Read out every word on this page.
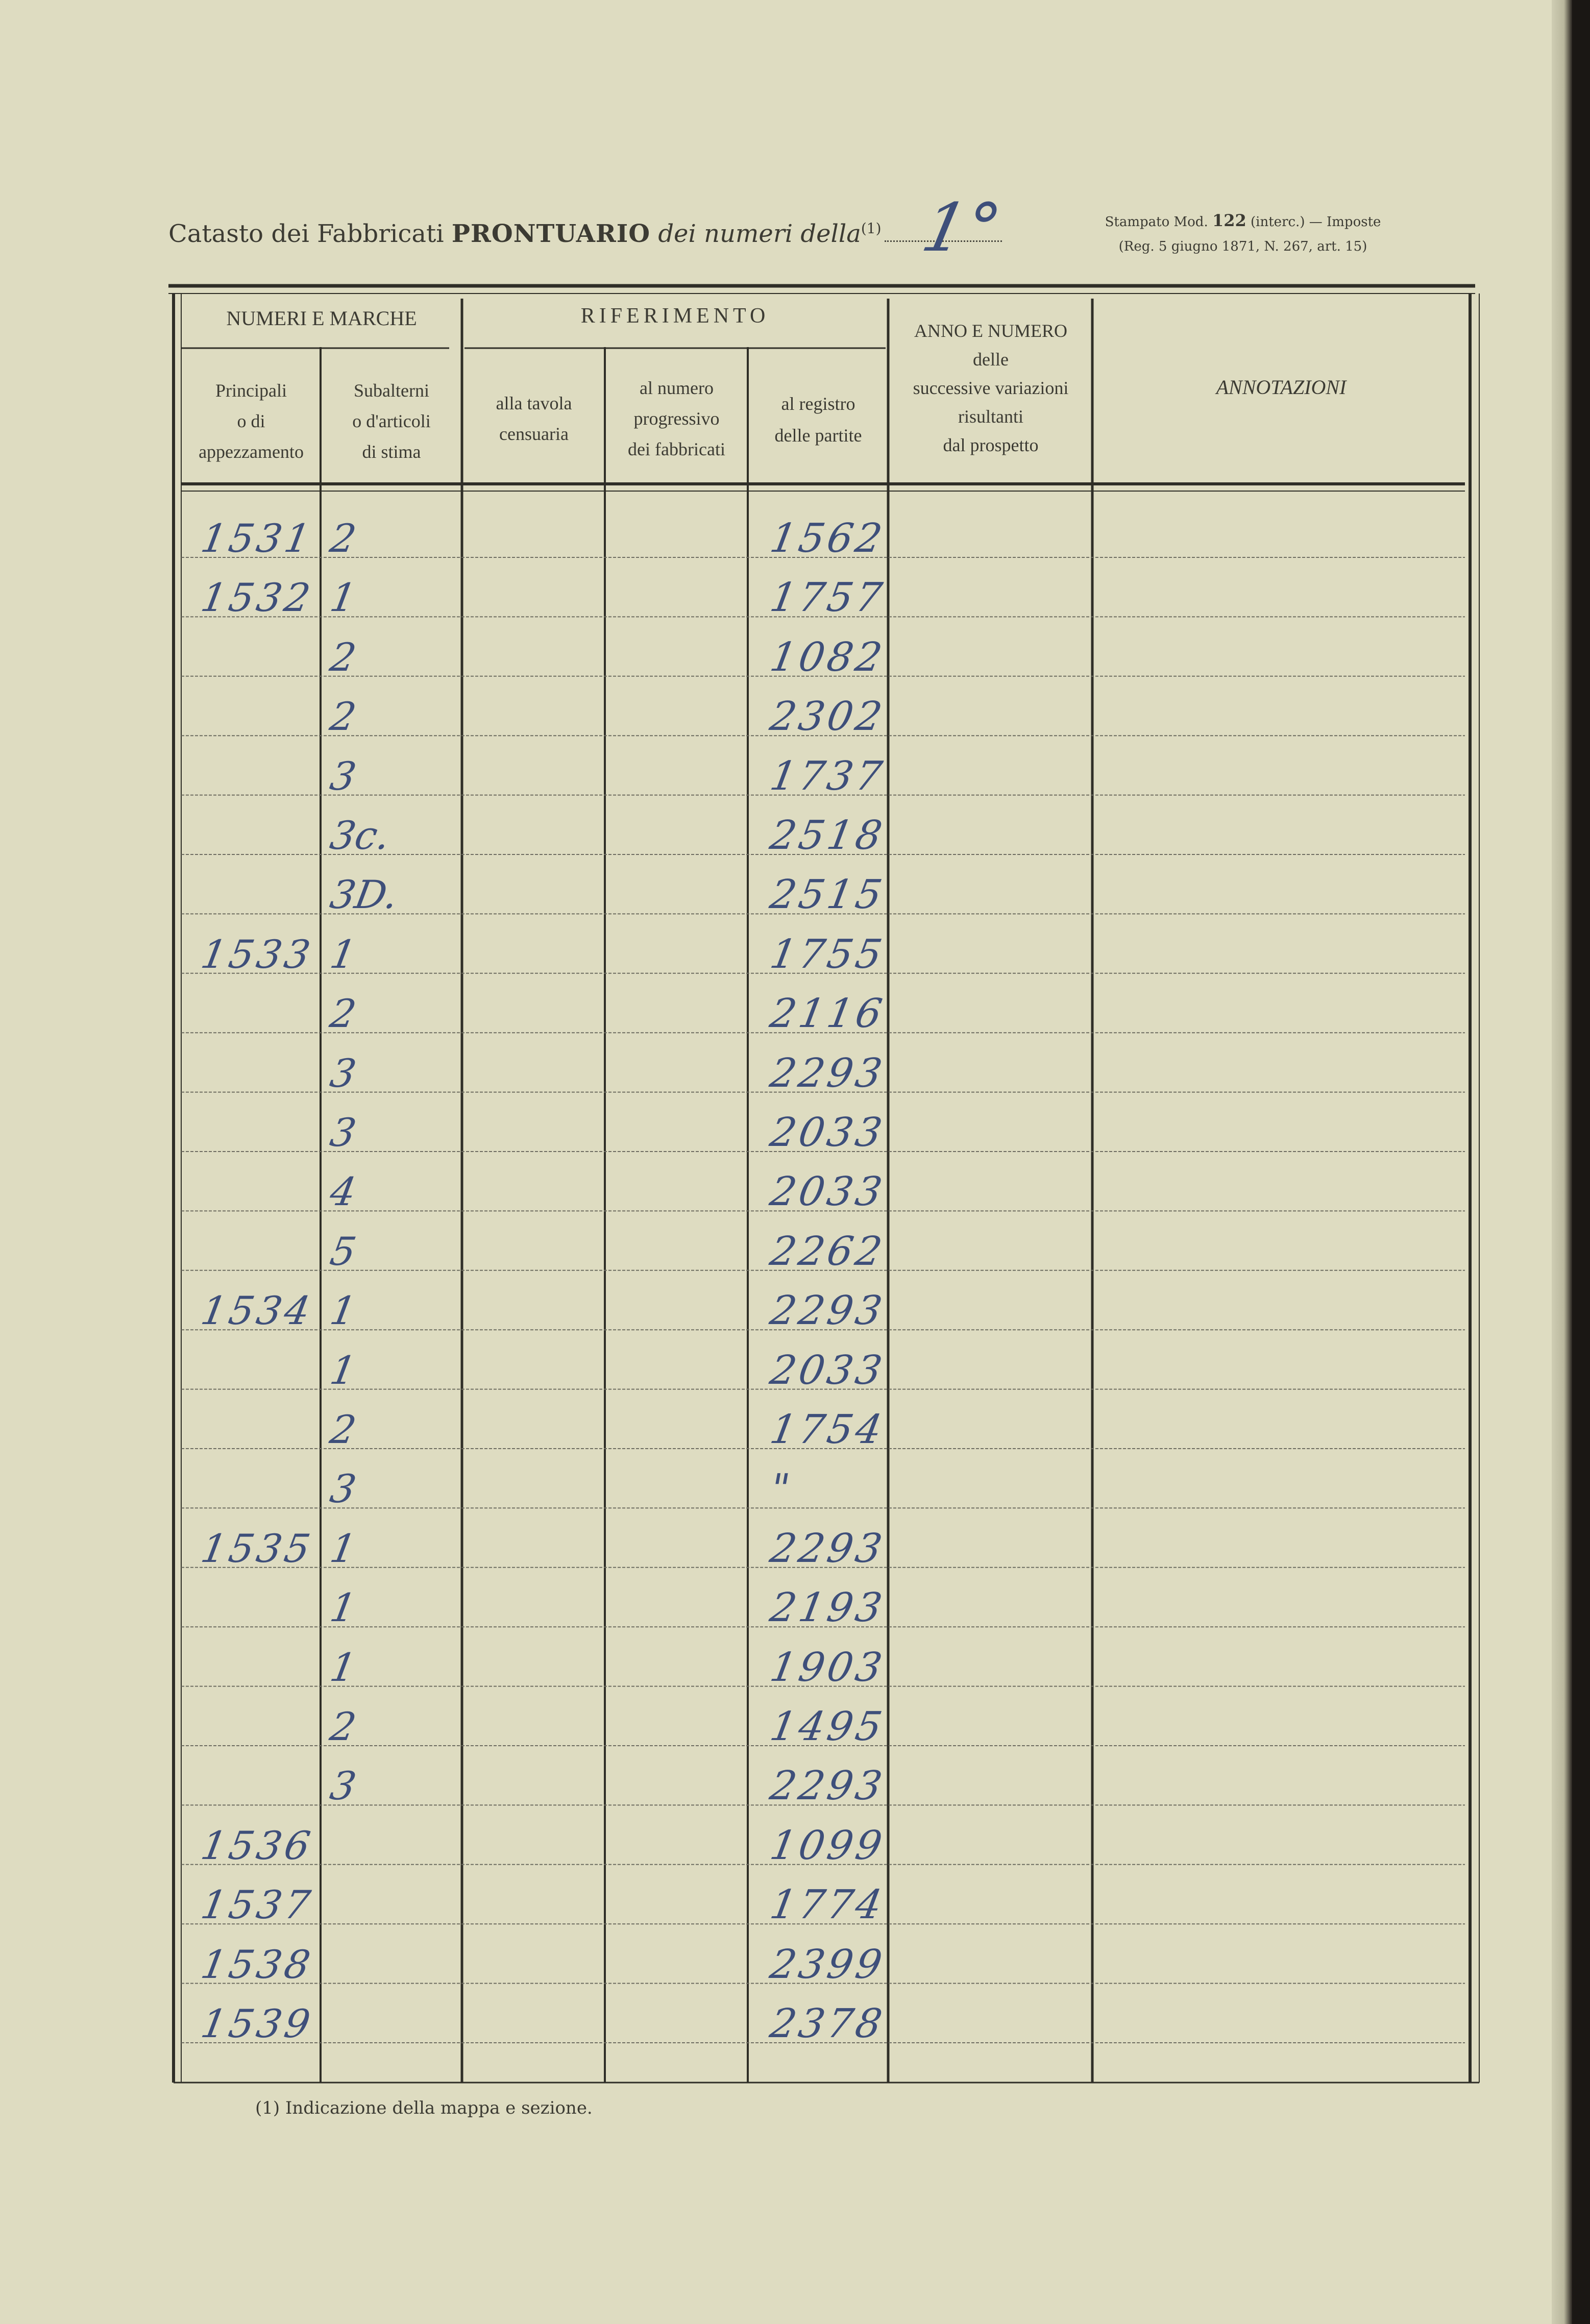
Catasto dei Fabbricati PRONTUARIO dei numeri della$^{(1)}$ 1°	Stampato Mod. 122 (interc.) — Imposte
(Reg. 5 giugno 1871, N. 267, art. 15)
NUMERI E MARCHE	RIFERIMENTO
Principali
o di
appezzamento
Subalterni
o d'articoli
di stima
alla tavola
censuaria
al numero
progressivo
dei fabbricati
al registro
delle partite
ANNO E NUMERO
delle
successive variazioni
risultanti
dal prospetto
ANNOTAZIONI
1531 2	1562
1532 1	1757
2	1082
2	2302
3	1737
3c.	2518
3D.	2515
1533 1	1755
2	2116
3	2293
3	2033
4	2033
5	2262
1534 1	2293
1	2033
2	1754
3	"
1535 1	2293
1	2193
1	1903
2	1495
3	2293
1536	1099
1537	1774
1538	2399
1539	2378
(1) Indicazione della mappa e sezione.
